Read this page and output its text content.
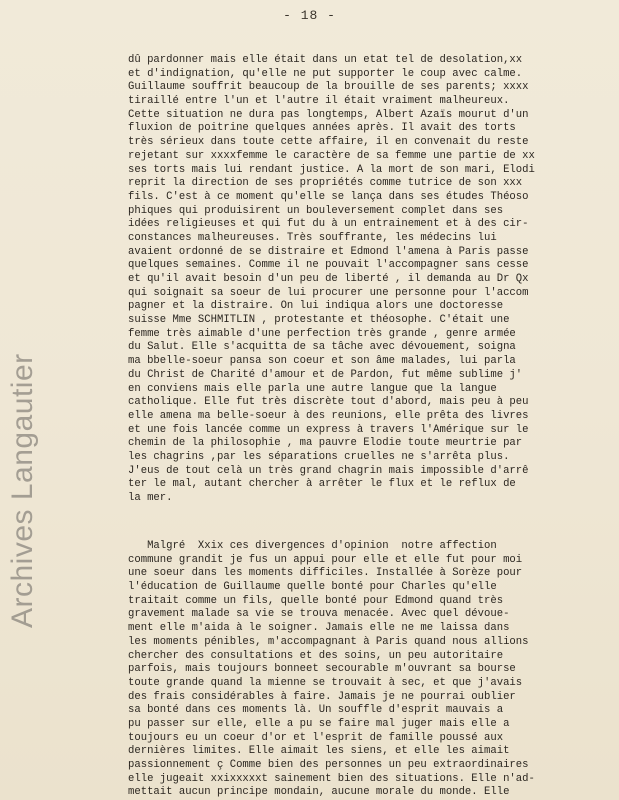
- 18 -
Archives Langautier
dû pardonner mais elle était dans un etat tel de desolation,xx
et d'indignation, qu'elle ne put supporter le coup avec calme.
Guillaume souffrit beaucoup de la brouille de ses parents; xxxx
tiraillé entre l'un et l'autre il était vraiment malheureux.
Cette situation ne dura pas longtemps, Albert Azaïs mourut d'un
fluxion de poitrine quelques années après. Il avait des torts
très sérieux dans toute cette affaire, il en convenait du reste
rejetant sur xxxxfemme le caractère de sa femme une partie de xx
ses torts mais lui rendant justice. A la mort de son mari, Elodi
reprit la direction de ses propriétés comme tutrice de son xxx
fils. C'est à ce moment qu'elle se lança dans ses études Théoso
phiques qui produisirent un bouleversement complet dans ses
idées religieuses et qui fut du à un entrainement et à des cir-
constances malheureuses. Très souffrante, les médecins lui
avaient ordonné de se distraire et Edmond l'amena à Paris passe
quelques semaines. Comme il ne pouvait l'accompagner sans cesse
et qu'il avait besoin d'un peu de liberté , il demanda au Dr Qx
qui soignait sa soeur de lui procurer une personne pour l'accom
pagner et la distraire. On lui indiqua alors une doctoresse
suisse Mme SCHMITLIN , protestante et théosophe. C'était une
femme très aimable d'une perfection très grande , genre armée
du Salut. Elle s'acquitta de sa tâche avec dévouement, soigna
ma bbelle-soeur pansa son coeur et son âme malades, lui parla
du Christ de Charité d'amour et de Pardon, fut même sublime j'
en conviens mais elle parla une autre langue que la langue
catholique. Elle fut très discrète tout d'abord, mais peu à peu
elle amena ma belle-soeur à des reunions, elle prêta des livres
et une fois lancée comme un express à travers l'Amérique sur le
chemin de la philosophie , ma pauvre Elodie toute meurtrie par
les chagrins ,par les séparations cruelles ne s'arrêta plus.
J'eus de tout celà un très grand chagrin mais impossible d'arrê
ter le mal, autant chercher à arrêter le flux et le reflux de
la mer.
Malgré  Xxix ces divergences d'opinion  notre affection
commune grandit je fus un appui pour elle et elle fut pour moi
une soeur dans les moments difficiles. Installée à Sorèze pour
l'éducation de Guillaume quelle bonté pour Charles qu'elle
traitait comme un fils, quelle bonté pour Edmond quand très
gravement malade sa vie se trouva menacée. Avec quel dévoue-
ment elle m'aida à le soigner. Jamais elle ne me laissa dans
les moments pénibles, m'accompagnant à Paris quand nous allions
chercher des consultations et des soins, un peu autoritaire
parfois, mais toujours bonneet secourable m'ouvrant sa bourse
toute grande quand la mienne se trouvait à sec, et que j'avais
des frais considérables à faire. Jamais je ne pourrai oublier
sa bonté dans ces moments là. Un souffle d'esprit mauvais a
pu passer sur elle, elle a pu se faire mal juger mais elle a
toujours eu un coeur d'or et l'esprit de famille poussé aux
dernières limites. Elle aimait les siens, et elle les aimait
passionnement ç Comme bien des personnes un peu extraordinaires
elle jugeait xxixxxxxt sainement bien des situations. Elle n'ad-
mettait aucun principe mondain, aucune morale du monde. Elle
